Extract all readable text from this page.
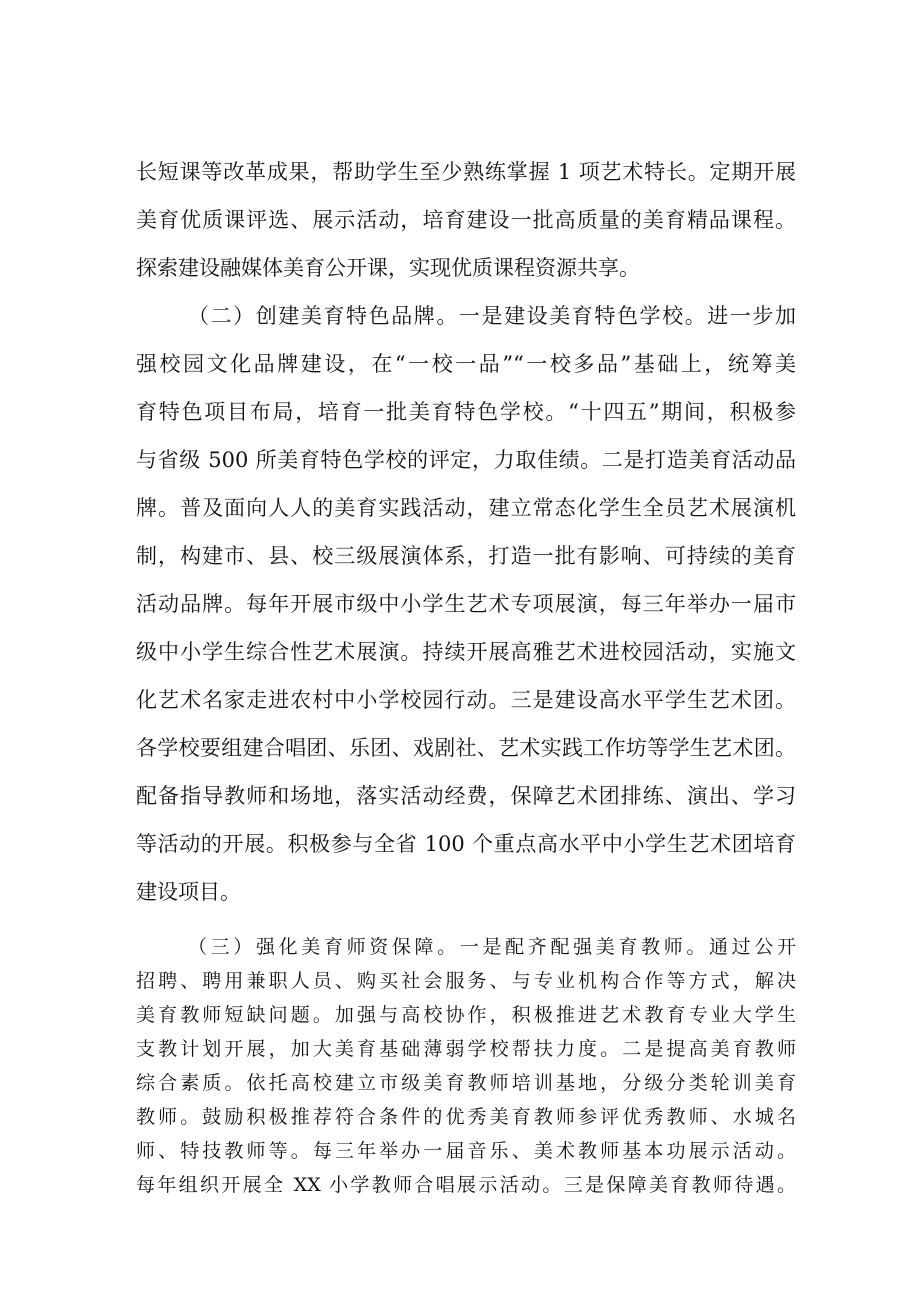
长短课等改革成果，帮助学生至少熟练掌握 1 项艺术特长。定期开展
美育优质课评选、展示活动，培育建设一批高质量的美育精品课程。
探索建设融媒体美育公开课，实现优质课程资源共享。
（二）创建美育特色品牌。一是建设美育特色学校。进一步加
强校园文化品牌建设，在“一校一品”“一校多品”基础上，统筹美
育特色项目布局，培育一批美育特色学校。“十四五”期间，积极参
与省级 500 所美育特色学校的评定，力取佳绩。二是打造美育活动品
牌。普及面向人人的美育实践活动，建立常态化学生全员艺术展演机
制，构建市、县、校三级展演体系，打造一批有影响、可持续的美育
活动品牌。每年开展市级中小学生艺术专项展演，每三年举办一届市
级中小学生综合性艺术展演。持续开展高雅艺术进校园活动，实施文
化艺术名家走进农村中小学校园行动。三是建设高水平学生艺术团。
各学校要组建合唱团、乐团、戏剧社、艺术实践工作坊等学生艺术团。
配备指导教师和场地，落实活动经费，保障艺术团排练、演出、学习
等活动的开展。积极参与全省 100 个重点高水平中小学生艺术团培育
建设项目。
（三）强化美育师资保障。一是配齐配强美育教师。通过公开
招聘、聘用兼职人员、购买社会服务、与专业机构合作等方式，解决
美育教师短缺问题。加强与高校协作，积极推进艺术教育专业大学生
支教计划开展，加大美育基础薄弱学校帮扶力度。二是提高美育教师
综合素质。依托高校建立市级美育教师培训基地，分级分类轮训美育
教师。鼓励积极推荐符合条件的优秀美育教师参评优秀教师、水城名
师、特技教师等。每三年举办一届音乐、美术教师基本功展示活动。
每年组织开展全 XX 小学教师合唱展示活动。三是保障美育教师待遇。
